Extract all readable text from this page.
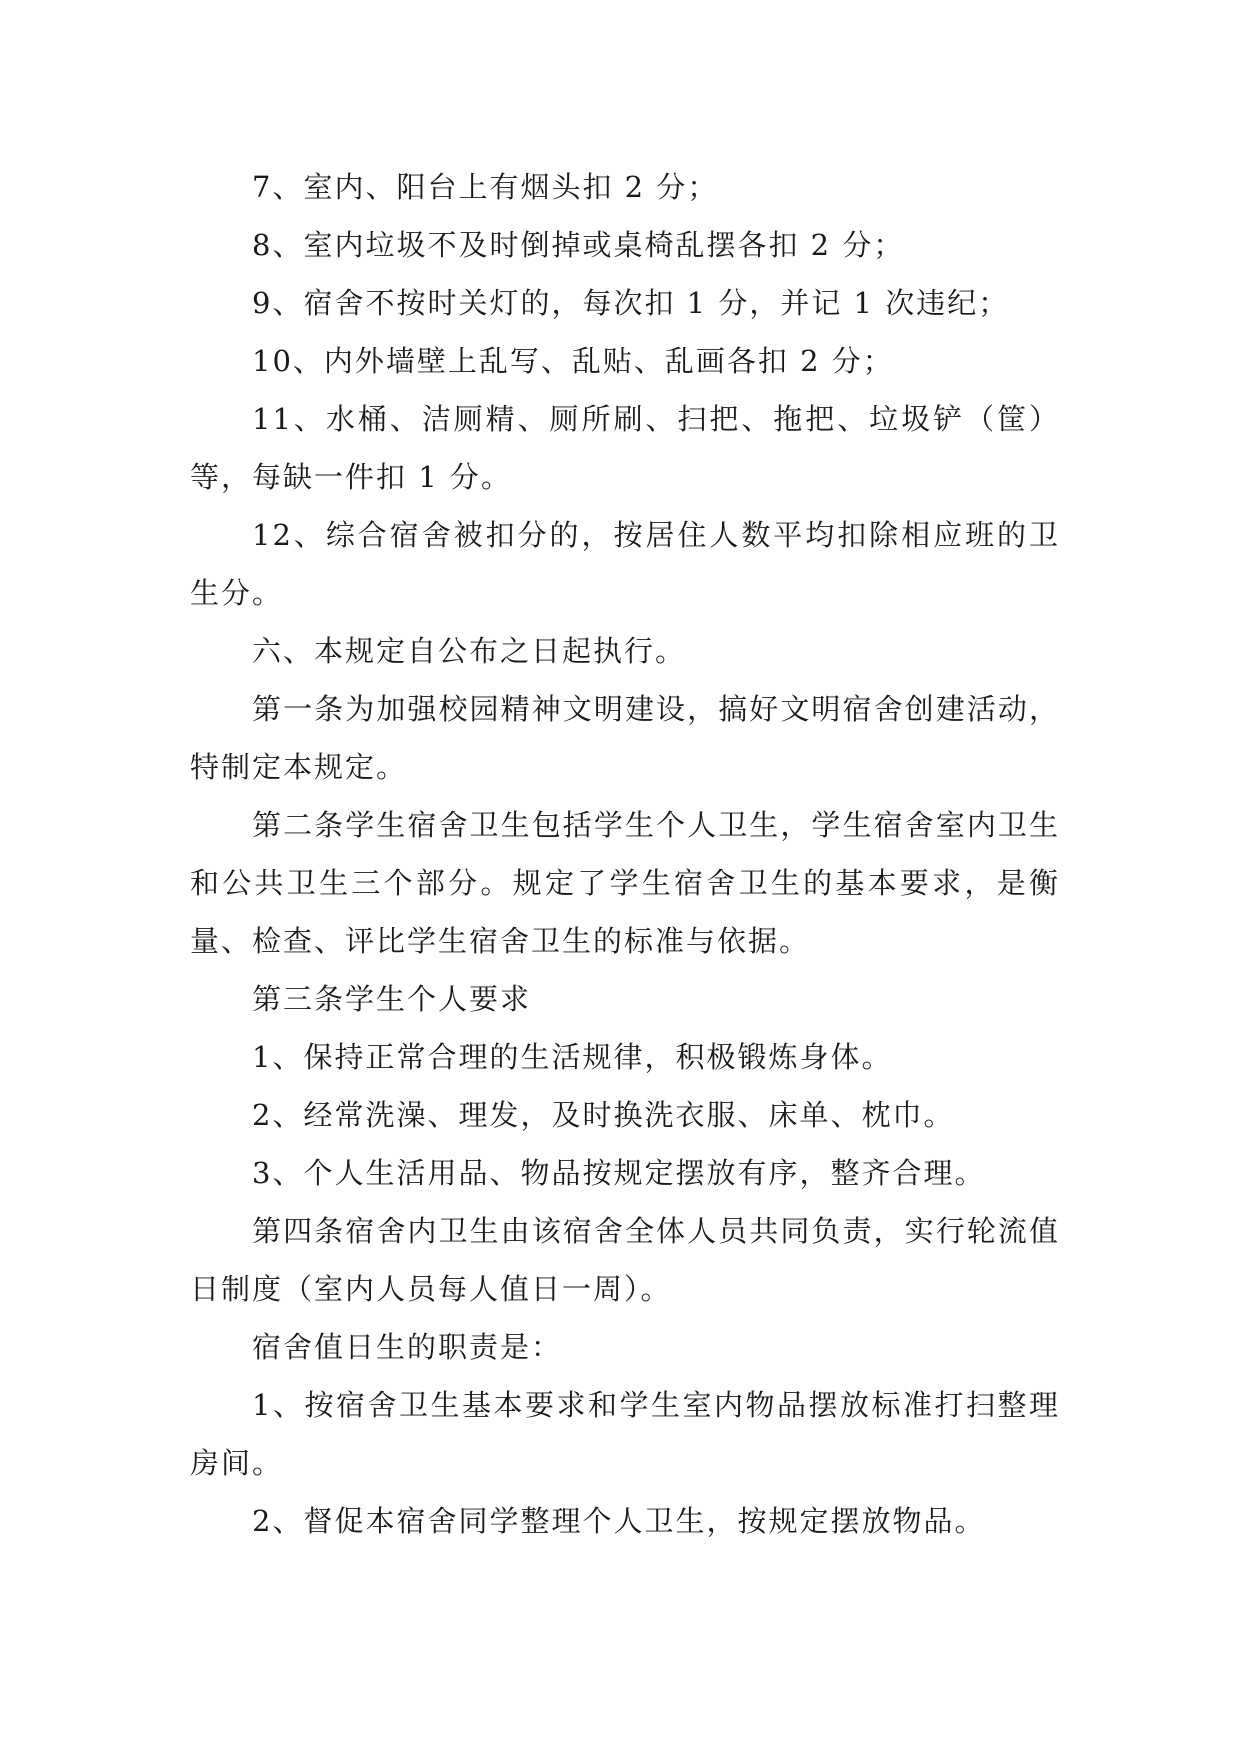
7、室内、阳台上有烟头扣 2 分；

8、室内垃圾不及时倒掉或桌椅乱摆各扣 2 分；

9、宿舍不按时关灯的，每次扣 1 分，并记 1 次违纪；

10、内外墙壁上乱写、乱贴、乱画各扣 2 分；

11、水桶、洁厕精、厕所刷、扫把、拖把、垃圾铲（筐）等，每缺一件扣 1 分。

12、综合宿舍被扣分的，按居住人数平均扣除相应班的卫生分。

六、本规定自公布之日起执行。

第一条为加强校园精神文明建设，搞好文明宿舍创建活动，特制定本规定。

第二条学生宿舍卫生包括学生个人卫生，学生宿舍室内卫生和公共卫生三个部分。规定了学生宿舍卫生的基本要求，是衡量、检查、评比学生宿舍卫生的标准与依据。

第三条学生个人要求

1、保持正常合理的生活规律，积极锻炼身体。

2、经常洗澡、理发，及时换洗衣服、床单、枕巾。

3、个人生活用品、物品按规定摆放有序，整齐合理。

第四条宿舍内卫生由该宿舍全体人员共同负责，实行轮流值日制度（室内人员每人值日一周）。

宿舍值日生的职责是：

1、按宿舍卫生基本要求和学生室内物品摆放标准打扫整理房间。

2、督促本宿舍同学整理个人卫生，按规定摆放物品。
